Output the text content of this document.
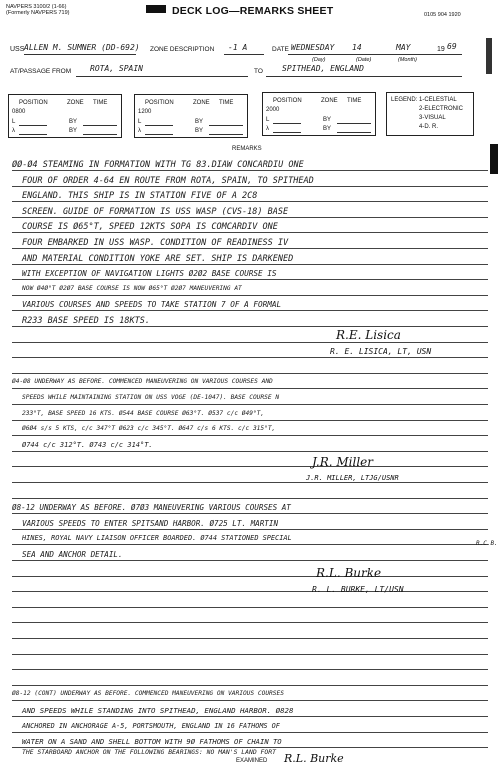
NAVPERS 3100/2 (1-66)
(Formerly NAVPERS 719)	DECK LOG—REMARKS SHEET	0105 904 1920
USS ALLEN M. SUMNER (DD-692) ZONE DESCRIPTION -1 A	DATE WEDNESDAY 14	MAY	19 69
(Day)	(Date)	(Month)
AT/PASSAGE FROM ROTA, SPAIN	TO SPITHEAD, ENGLAND
POSITION	ZONE TIME
0800
L	BY
λ	BY
POSITION	ZONE TIME
1200
L	BY
λ	BY
POSITION	ZONE TIME
2000
L	BY
λ	BY
LEGEND: 1-CELESTIAL
2-ELECTRONIC
3-VISUAL
4-D. R.
REMARKS
ØØ-Ø4 STEAMING IN FORMATION WITH TG 83.DIAW CONCARDIU ONE
FOUR OF ORDER 4-64 EN ROUTE FROM ROTA, SPAIN, TO SPITHEAD
ENGLAND. THIS SHIP IS IN STATION FIVE OF A 2C8
SCREEN. GUIDE OF FORMATION IS USS WASP (CVS-18) BASE
COURSE IS Ø65°T, SPEED 12KTS SOPA IS COMCARDIV ONE
FOUR EMBARKED IN USS WASP. CONDITION OF READINESS IV
AND MATERIAL CONDITION YOKE ARE SET. SHIP IS DARKENED
WITH EXCEPTION OF NAVIGATION LIGHTS Ø2Ø2 BASE COURSE IS
NOW Ø4Ø°T Ø2Ø7 BASE COURSE IS NOW Ø65°T Ø2Ø7 MANEUVERING AT
VARIOUS COURSES AND SPEEDS TO TAKE STATION 7 OF A FORMAL
R233 BASE SPEED IS 18KTS.
R.E. Lisica
R. E. LISICA, LT, USN
Ø4-Ø8 UNDERWAY AS BEFORE. COMMENCED MANEUVERING ON VARIOUS COURSES AND
SPEEDS WHILE MAINTAINING STATION ON USS VOGE (DE-1047). BASE COURSE N
233°T, BASE SPEED 16 KTS. Ø544 BASE COURSE Ø63°T. Ø537 c/c Ø49°T,
Ø6Ø4 s/s 5 KTS, c/c 347°T Ø623 c/c 345°T. Ø647 c/s 6 KTS. c/c 315°T,
Ø744 c/c 312°T. Ø743 c/c 314°T.
J.R. Miller
J.R. MILLER, LTJG/USNR
Ø8-12 UNDERWAY AS BEFORE. Ø7Ø3 MANEUVERING VARIOUS COURSES AT
VARIOUS SPEEDS TO ENTER SPITSAND HARBOR. Ø725 LT. MARTIN
HINES, ROYAL NAVY LIAISON OFFICER BOARDED. Ø744 STATIONED SPECIAL
SEA AND ANCHOR DETAIL.
R.C.B.
R.L. Burke
R. L. BURKE, LT/USN
Ø8-12 (CONT) UNDERWAY AS BEFORE. COMMENCED MANEUVERING ON VARIOUS COURSES
AND SPEEDS WHILE STANDING INTO SPITHEAD, ENGLAND HARBOR. Ø828
ANCHORED IN ANCHORAGE A-5, PORTSMOUTH, ENGLAND IN 16 FATHOMS OF
WATER ON A SAND AND SHELL BOTTOM WITH 9Ø FATHOMS OF CHAIN TO
THE STARBOARD ANCHOR ON THE FOLLOWING BEARINGS: NO MAN'S LAND FORT
EXAMINED R.L. Burke
